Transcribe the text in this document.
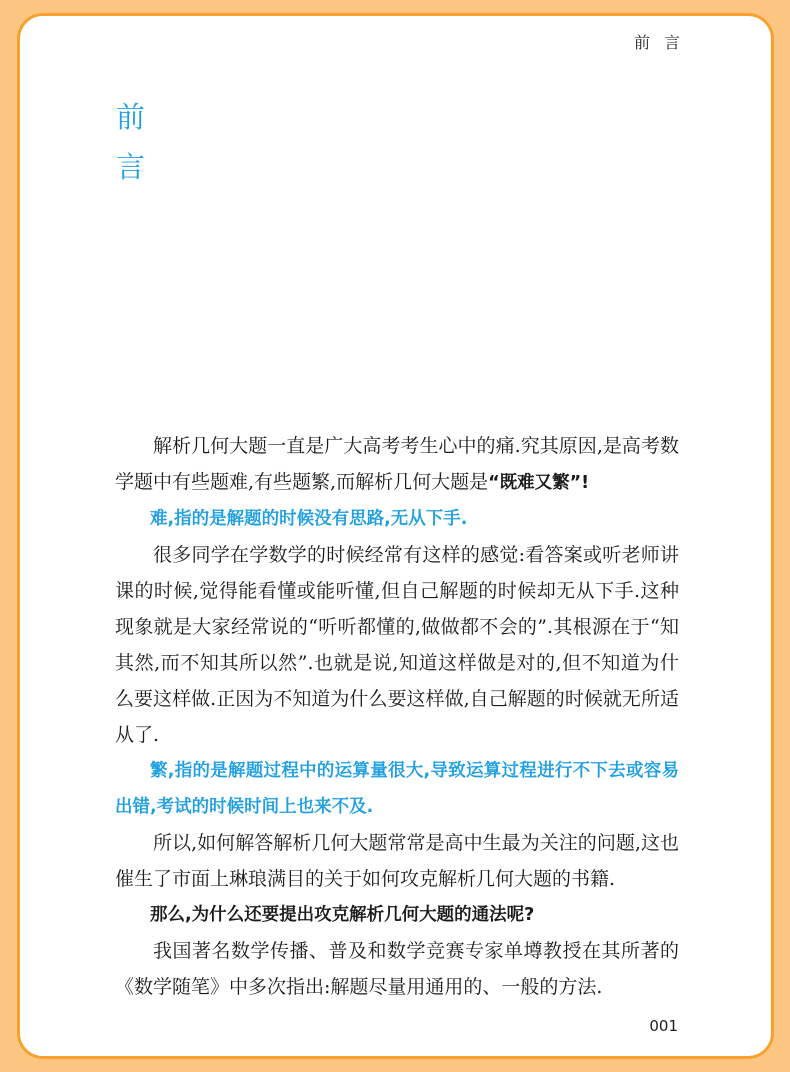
前言
前
言

解析几何大题一直是广大高考考生心中的痛.究其原因,是高考数学题中有些题难,有些题繁,而解析几何大题是“既难又繁”!

难,指的是解题的时候没有思路,无从下手.

很多同学在学数学的时候经常有这样的感觉:看答案或听老师讲课的时候,觉得能看懂或能听懂,但自己解题的时候却无从下手.这种现象就是大家经常说的“听听都懂的,做做都不会的”.其根源在于“知其然,而不知其所以然”.也就是说,知道这样做是对的,但不知道为什么要这样做.正因为不知道为什么要这样做,自己解题的时候就无所适从了.

繁,指的是解题过程中的运算量很大,导致运算过程进行不下去或容易出错,考试的时候时间上也来不及.

所以,如何解答解析几何大题常常是高中生最为关注的问题,这也催生了市面上琳琅满目的关于如何攻克解析几何大题的书籍.

那么,为什么还要提出攻克解析几何大题的通法呢?

我国著名数学传播、普及和数学竞赛专家单墫教授在其所著的《数学随笔》中多次指出:解题尽量用通用的、一般的方法.

001
